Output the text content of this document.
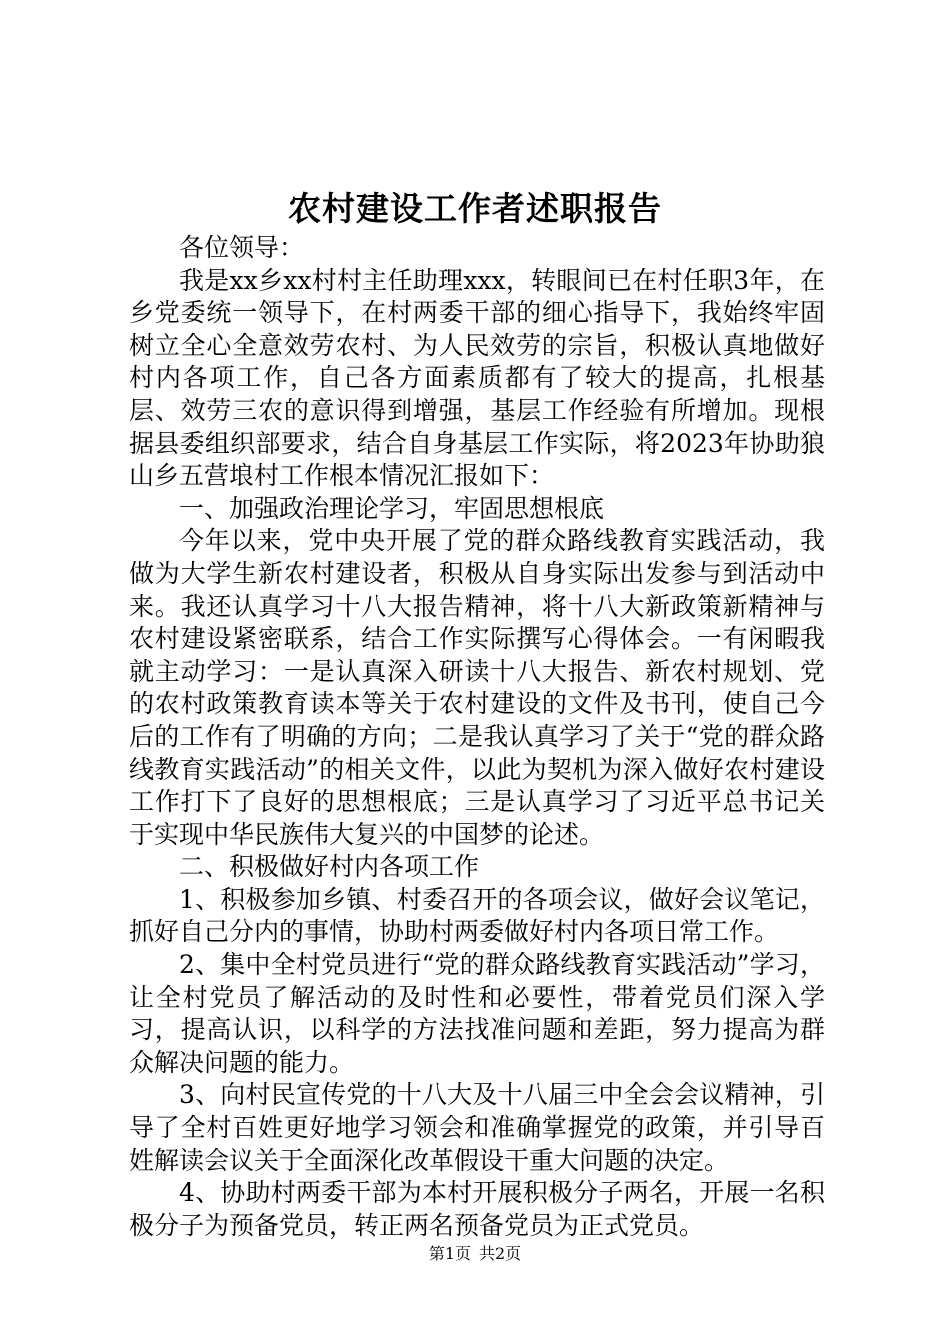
农村建设工作者述职报告

各位领导：

我是xx乡xx村村主任助理xxx，转眼间已在村任职3年，在乡党委统一领导下，在村两委干部的细心指导下，我始终牢固树立全心全意效劳农村、为人民效劳的宗旨，积极认真地做好村内各项工作，自己各方面素质都有了较大的提高，扎根基层、效劳三农的意识得到增强，基层工作经验有所增加。现根据县委组织部要求，结合自身基层工作实际，将2023年协助狼山乡五营埌村工作根本情况汇报如下：

一、加强政治理论学习，牢固思想根底

今年以来，党中央开展了党的群众路线教育实践活动，我做为大学生新农村建设者，积极从自身实际出发参与到活动中来。我还认真学习十八大报告精神，将十八大新政策新精神与农村建设紧密联系，结合工作实际撰写心得体会。一有闲暇我就主动学习：一是认真深入研读十八大报告、新农村规划、党的农村政策教育读本等关于农村建设的文件及书刊，使自己今后的工作有了明确的方向；二是我认真学习了关于“党的群众路线教育实践活动”的相关文件，以此为契机为深入做好农村建设工作打下了良好的思想根底；三是认真学习了习近平总书记关于实现中华民族伟大复兴的中国梦的论述。

二、积极做好村内各项工作

1、积极参加乡镇、村委召开的各项会议，做好会议笔记，抓好自己分内的事情，协助村两委做好村内各项日常工作。

2、集中全村党员进行“党的群众路线教育实践活动”学习，让全村党员了解活动的及时性和必要性，带着党员们深入学习，提高认识，以科学的方法找准问题和差距，努力提高为群众解决问题的能力。

3、向村民宣传党的十八大及十八届三中全会会议精神，引导了全村百姓更好地学习领会和准确掌握党的政策，并引导百姓解读会议关于全面深化改革假设干重大问题的决定。

4、协助村两委干部为本村开展积极分子两名，开展一名积极分子为预备党员，转正两名预备党员为正式党员。

第1页 共2页
